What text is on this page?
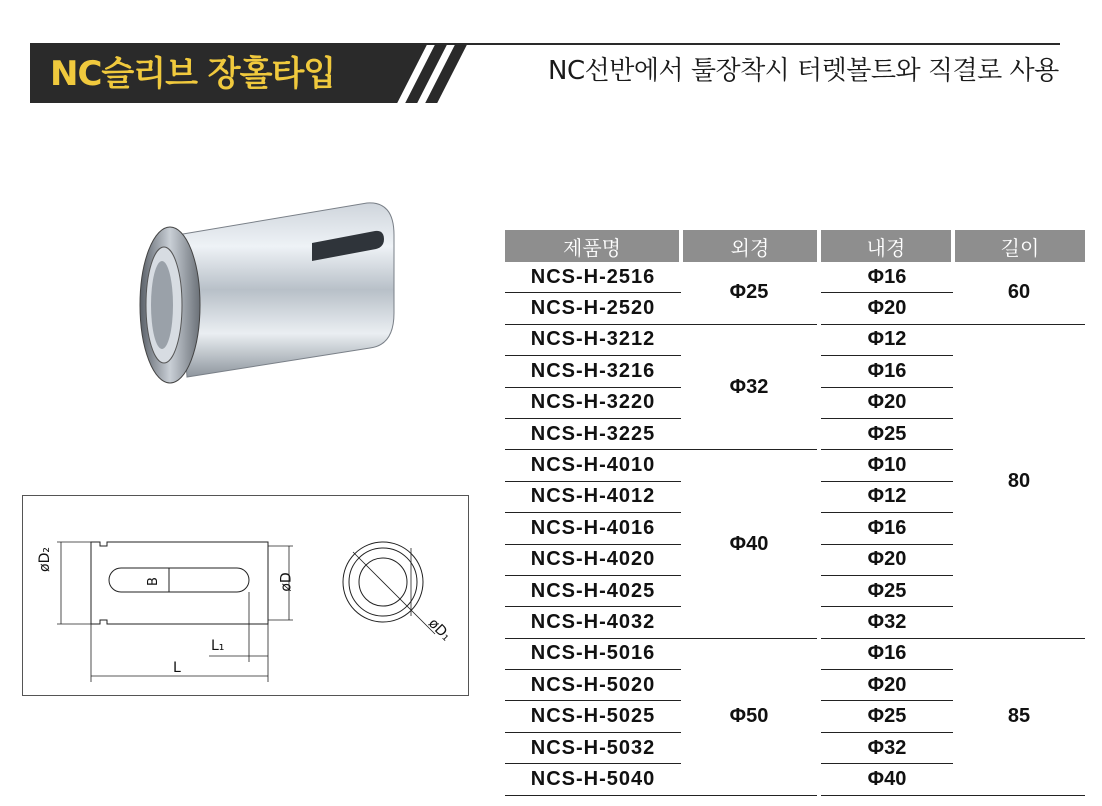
NC슬리브 장홀타입	NC선반에서 툴장착시 터렛볼트와 직결로 사용
øD₂
B	øD
L₁
L
øD₁
제품명	외경	내경	길이
NCS-H-2516	Φ25	Φ16	60
NCS-H-2520		Φ20	
NCS-H-3212	Φ32	Φ12	80
NCS-H-3216		Φ16	
NCS-H-3220		Φ20	
NCS-H-3225		Φ25	
NCS-H-4010	Φ40	Φ10	
NCS-H-4012		Φ12	
NCS-H-4016		Φ16	
NCS-H-4020		Φ20	
NCS-H-4025		Φ25	
NCS-H-4032		Φ32	
NCS-H-5016	Φ50	Φ16	85
NCS-H-5020		Φ20	
NCS-H-5025		Φ25	
NCS-H-5032		Φ32	
NCS-H-5040		Φ40	
